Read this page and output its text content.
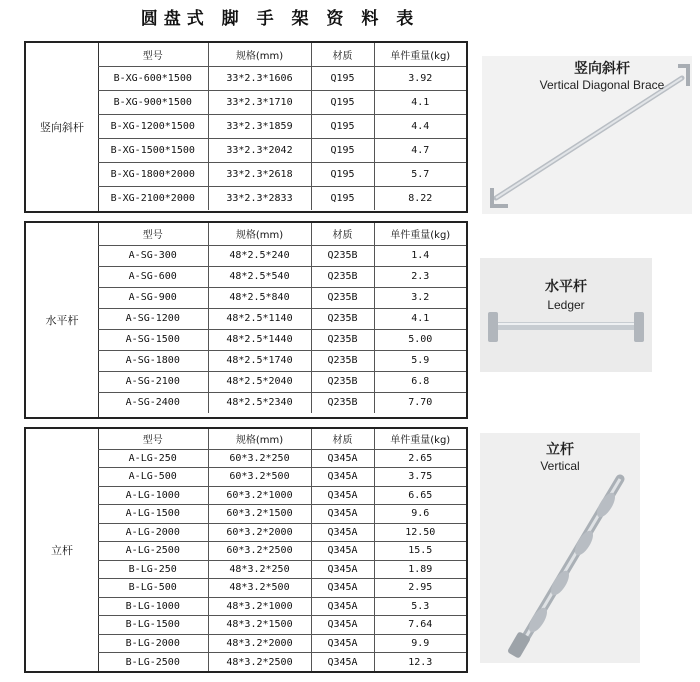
圆盘式 脚 手 架 资 料 表
竖向斜杆
型号	规格(mm)	材质	单件重量(kg)
B-XG-600*1500	33*2.3*1606	Q195	3.92
B-XG-900*1500	33*2.3*1710	Q195	4.1
B-XG-1200*1500	33*2.3*1859	Q195	4.4
B-XG-1500*1500	33*2.3*2042	Q195	4.7
B-XG-1800*2000	33*2.3*2618	Q195	5.7
B-XG-2100*2000	33*2.3*2833	Q195	8.22
水平杆
型号	规格(mm)	材质	单件重量(kg)
A-SG-300	48*2.5*240	Q235B	1.4
A-SG-600	48*2.5*540	Q235B	2.3
A-SG-900	48*2.5*840	Q235B	3.2
A-SG-1200	48*2.5*1140	Q235B	4.1
A-SG-1500	48*2.5*1440	Q235B	5.00
A-SG-1800	48*2.5*1740	Q235B	5.9
A-SG-2100	48*2.5*2040	Q235B	6.8
A-SG-2400	48*2.5*2340	Q235B	7.70
立杆
型号	规格(mm)	材质	单件重量(kg)
A-LG-250	60*3.2*250	Q345A	2.65
A-LG-500	60*3.2*500	Q345A	3.75
A-LG-1000	60*3.2*1000	Q345A	6.65
A-LG-1500	60*3.2*1500	Q345A	9.6
A-LG-2000	60*3.2*2000	Q345A	12.50
A-LG-2500	60*3.2*2500	Q345A	15.5
B-LG-250	48*3.2*250	Q345A	1.89
B-LG-500	48*3.2*500	Q345A	2.95
B-LG-1000	48*3.2*1000	Q345A	5.3
B-LG-1500	48*3.2*1500	Q345A	7.64
B-LG-2000	48*3.2*2000	Q345A	9.9
B-LG-2500	48*3.2*2500	Q345A	12.3
竖向斜杆
Vertical Diagonal Brace
水平杆
Ledger
立杆
Vertical
